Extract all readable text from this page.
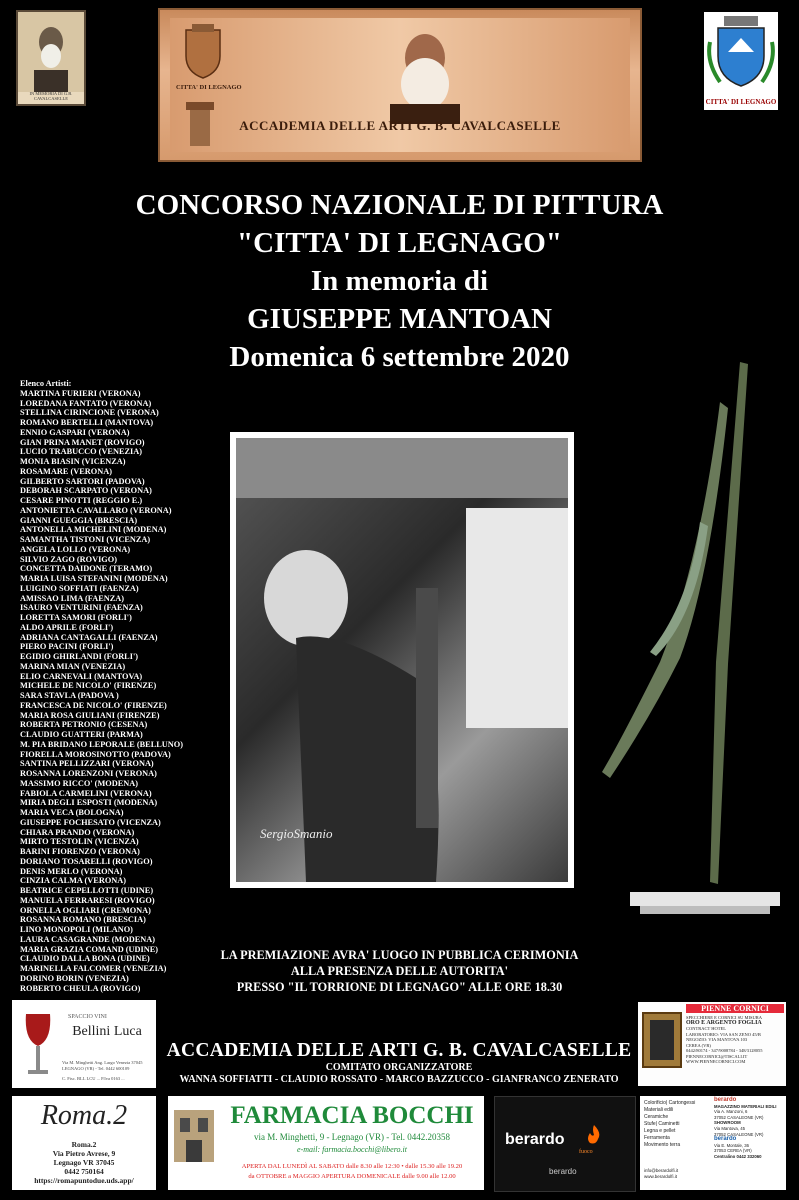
IN MEMORIA DI G.B. CAVALCASELLE
CITTA' DI LEGNAGO
ACCADEMIA DELLE ARTI G. B. CAVALCASELLE
CITTA' DI LEGNAGO
CONCORSO NAZIONALE DI PITTURA
"CITTA' DI LEGNAGO"
In memoria di
GIUSEPPE MANTOAN
Domenica 6 settembre 2020
Elenco Artisti:
MARTINA FURIERI (VERONA)
LOREDANA FANTATO (VERONA)
STELLINA CIRINCIONE (VERONA)
ROMANO BERTELLI (MANTOVA)
ENNIO GASPARI (VERONA)
GIAN PRINA MANET (ROVIGO)
LUCIO TRABUCCO (VENEZIA)
MONIA BIASIN (VICENZA)
ROSAMARE (VERONA)
GILBERTO SARTORI (PADOVA)
DEBORAH SCARPATO (VERONA)
CESARE PINOTTI (REGGIO E.)
ANTONIETTA CAVALLARO (VERONA)
GIANNI GUEGGIA (BRESCIA)
ANTONELLA MICHELINI (MODENA)
SAMANTHA TISTONI (VICENZA)
ANGELA LOLLO (VERONA)
SILVIO ZAGO (ROVIGO)
CONCETTA DAIDONE (TERAMO)
MARIA LUISA STEFANINI (MODENA)
LUIGINO SOFFIATI (FAENZA)
AMISSAO LIMA (FAENZA)
ISAURO VENTURINI (FAENZA)
LORETTA SAMORI (FORLI')
ALDO APRILE (FORLI')
ADRIANA CANTAGALLI (FAENZA)
PIERO PACINI (FORLI')
EGIDIO GHIRLANDI (FORLI')
MARINA MIAN (VENEZIA)
ELIO CARNEVALI (MANTOVA)
MICHELE DE NICOLO' (FIRENZE)
SARA STAVLA (PADOVA )
FRANCESCA DE NICOLO' (FIRENZE)
MARIA ROSA GIULIANI (FIRENZE)
ROBERTA PETRONIO (CESENA)
CLAUDIO GUATTERI (PARMA)
M. PIA BRIDANO LEPORALE (BELLUNO)
FIORELLA MOROSINOTTO (PADOVA)
SANTINA PELLIZZARI (VERONA)
ROSANNA LORENZONI (VERONA)
MASSIMO RICCO' (MODENA)
FABIOLA CARMELINI (VERONA)
MIRIA DEGLI ESPOSTI (MODENA)
MARIA VECA (BOLOGNA)
GIUSEPPE FOCHESATO (VICENZA)
CHIARA PRANDO (VERONA)
MIRTO TESTOLIN (VICENZA)
BARINI FIORENZO (VERONA)
DORIANO TOSARELLI (ROVIGO)
DENIS MERLO (VERONA)
CINZIA CALMA (VERONA)
BEATRICE CEPELLOTTI (UDINE)
MANUELA FERRARESI (ROVIGO)
ORNELLA OGLIARI (CREMONA)
ROSANNA ROMANO (BRESCIA)
LINO MONOPOLI (MILANO)
LAURA CASAGRANDE (MODENA)
MARIA GRAZIA COMAND (UDINE)
CLAUDIO DALLA BONA (UDINE)
MARINELLA FALCOMER (VENEZIA)
DORINO BORIN (VENEZIA)
ROBERTO CHEULA (ROVIGO)
SergioSmanio
LA PREMIAZIONE AVRA' LUOGO IN PUBBLICA CERIMONIA
ALLA PRESENZA DELLE AUTORITA'
PRESSO "IL TORRIONE DI LEGNAGO" ALLE ORE 18.30
SPACCIO VINI
Bellini Luca
Via M. Minghetti Ang. Largo Venezia 37045 LEGNAGO (VR) - Tel. 0442 600109
C. Fisc. BLL LCU ... P.Iva 0163 ...
PIENNE CORNICI
SPECCHIERE E CORNICI SU MISURA
ORO E ARGENTO FOGLIA
CONTRACT HOTEL
LABORATORIO: VIA SAN ZENO 45/B
NEGOZIO: VIA MANTOVA 103
CEREA (VR)
0442/80174 - 347/9008784 - 348/3128055
PIENNECORNICI@TISCALI.IT
WWW.PIENNECORNICI.COM
ACCADEMIA DELLE ARTI G. B. CAVALCASELLE
COMITATO ORGANIZZATORE
WANNA SOFFIATTI - CLAUDIO ROSSATO - MARCO BAZZUCCO - GIANFRANCO ZENERATO
Roma.2
Roma.2
Via Pietro Avrese, 9
Legnago VR 37045
0442 750164
https://romapuntodue.uds.app/
FARMACIA BOCCHI
via M. Minghetti, 9 - Legnago (VR) - Tel. 0442.20358
e-mail: farmacia.bocchi@libero.it
APERTA DAL LUNEDÌ AL SABATO dalle 8.30 alle 12:30 • dalle 15.30 alle 19.20
da OTTOBRE a MAGGIO APERTURA DOMENICALE dalle 9.00 alle 12.00
berardo
fuoco
berardo
Colorificio| Cartongessi
Materiali edili
Ceramiche
Stufe| Caminetti
Legna e pellet
Ferramenta
Movimento terra
berardo
MAGAZZINO MATERIALI EDILI
Via A. Manzoni, 6
37052 CASALEONE (VR)
SHOWROOM
Via Mantova, 45
37052 CASALEONE (VR)
berardo
Via E. Montale, 36
37053 CEREA (VR)
Centralino 0442 332060
info@berardolfi.it
www.berardolfi.it
